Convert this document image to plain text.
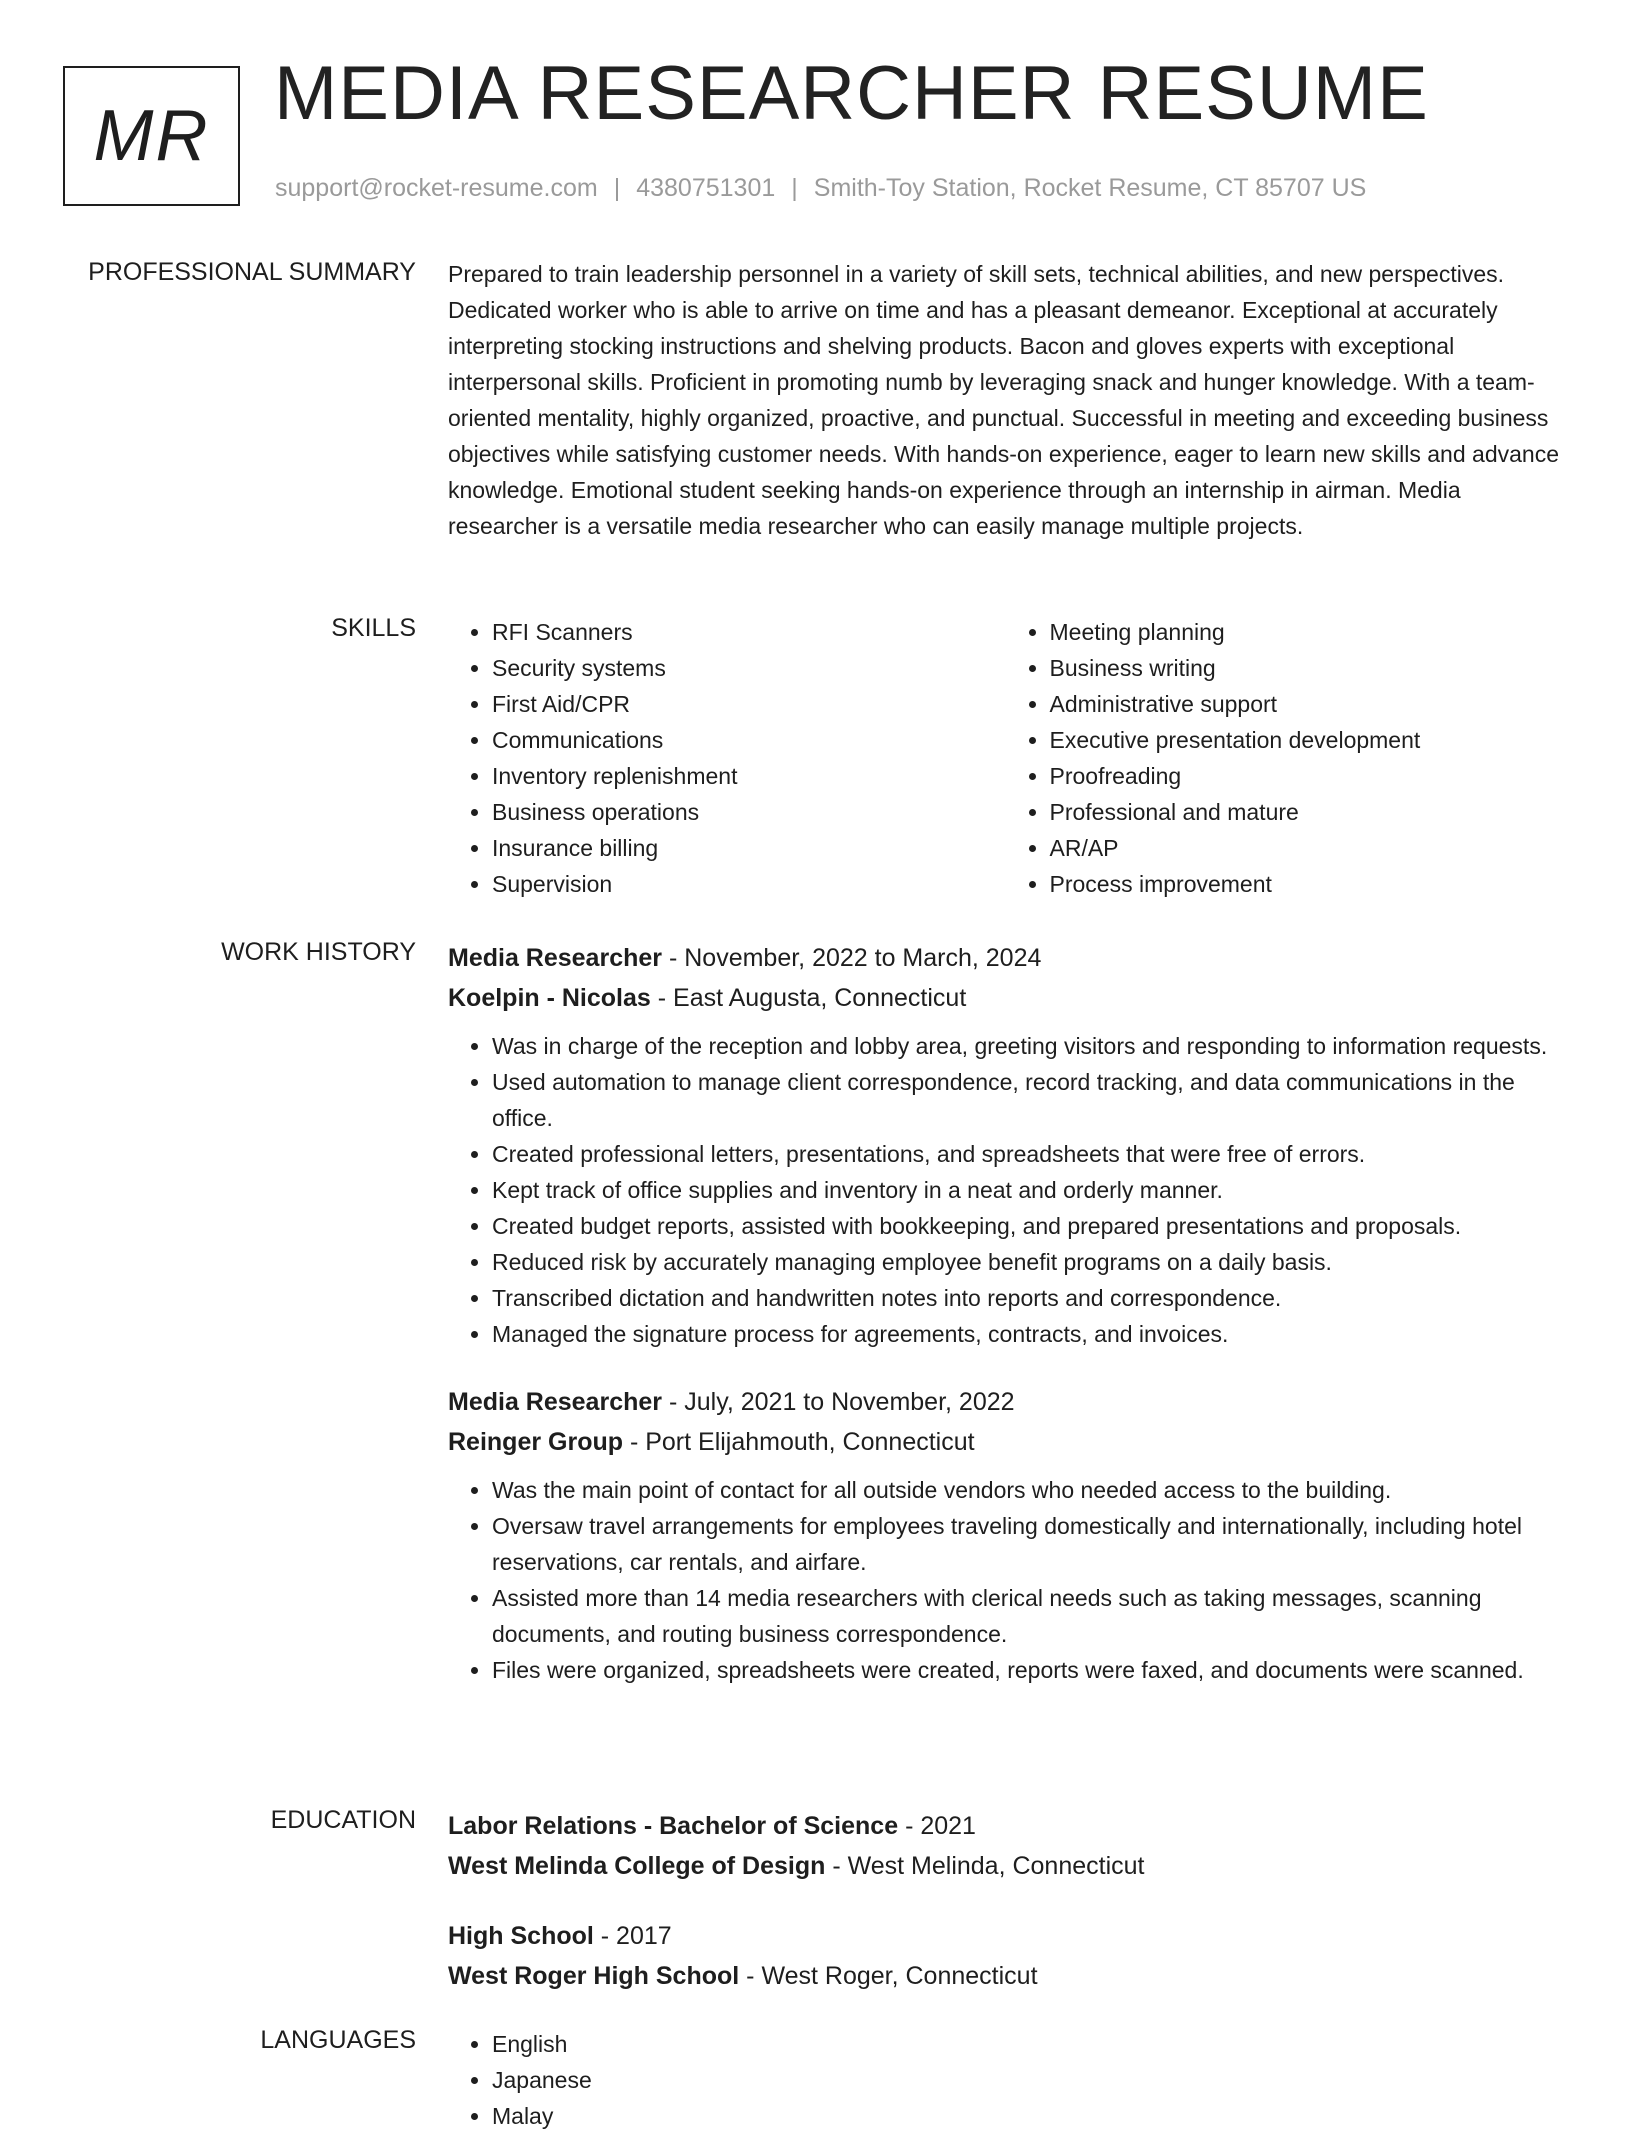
MR MEDIA RESEARCHER RESUME
support@rocket-resume.com | 4380751301 | Smith-Toy Station, Rocket Resume, CT 85707 US
PROFESSIONAL SUMMARY Prepared to train leadership personnel in a variety of skill sets, technical abilities, and new perspectives. Dedicated worker who is able to arrive on time and has a pleasant demeanor. Exceptional at accurately interpreting stocking instructions and shelving products. Bacon and gloves experts with exceptional interpersonal skills. Proficient in promoting numb by leveraging snack and hunger knowledge. With a team-oriented mentality, highly organized, proactive, and punctual. Successful in meeting and exceeding business objectives while satisfying customer needs. With hands-on experience, eager to learn new skills and advance knowledge. Emotional student seeking hands-on experience through an internship in airman. Media researcher is a versatile media researcher who can easily manage multiple projects.

SKILLS	• RFI Scanners
• Security systems
• First Aid/CPR
• Communications
• Inventory replenishment
• Business operations
• Insurance billing
• Supervision
• Meeting planning
• Business writing
• Administrative support
• Executive presentation development
• Proofreading
• Professional and mature
• AR/AP
• Process improvement
WORK HISTORY Media Researcher - November, 2022 to March, 2024
Koelpin - Nicolas - East Augusta, Connecticut
• Was in charge of the reception and lobby area, greeting visitors and responding to information requests.
• Used automation to manage client correspondence, record tracking, and data communications in the office.
• Created professional letters, presentations, and spreadsheets that were free of errors.
• Kept track of office supplies and inventory in a neat and orderly manner.
• Created budget reports, assisted with bookkeeping, and prepared presentations and proposals.
• Reduced risk by accurately managing employee benefit programs on a daily basis.
• Transcribed dictation and handwritten notes into reports and correspondence.
• Managed the signature process for agreements, contracts, and invoices.
Media Researcher - July, 2021 to November, 2022
Reinger Group - Port Elijahmouth, Connecticut
• Was the main point of contact for all outside vendors who needed access to the building.
• Oversaw travel arrangements for employees traveling domestically and internationally, including hotel reservations, car rentals, and airfare.
• Assisted more than 14 media researchers with clerical needs such as taking messages, scanning documents, and routing business correspondence.
• Files were organized, spreadsheets were created, reports were faxed, and documents were scanned.
EDUCATION Labor Relations - Bachelor of Science - 2021
West Melinda College of Design - West Melinda, Connecticut
High School - 2017
West Roger High School - West Roger, Connecticut
LANGUAGES	• English
• Japanese
• Malay
